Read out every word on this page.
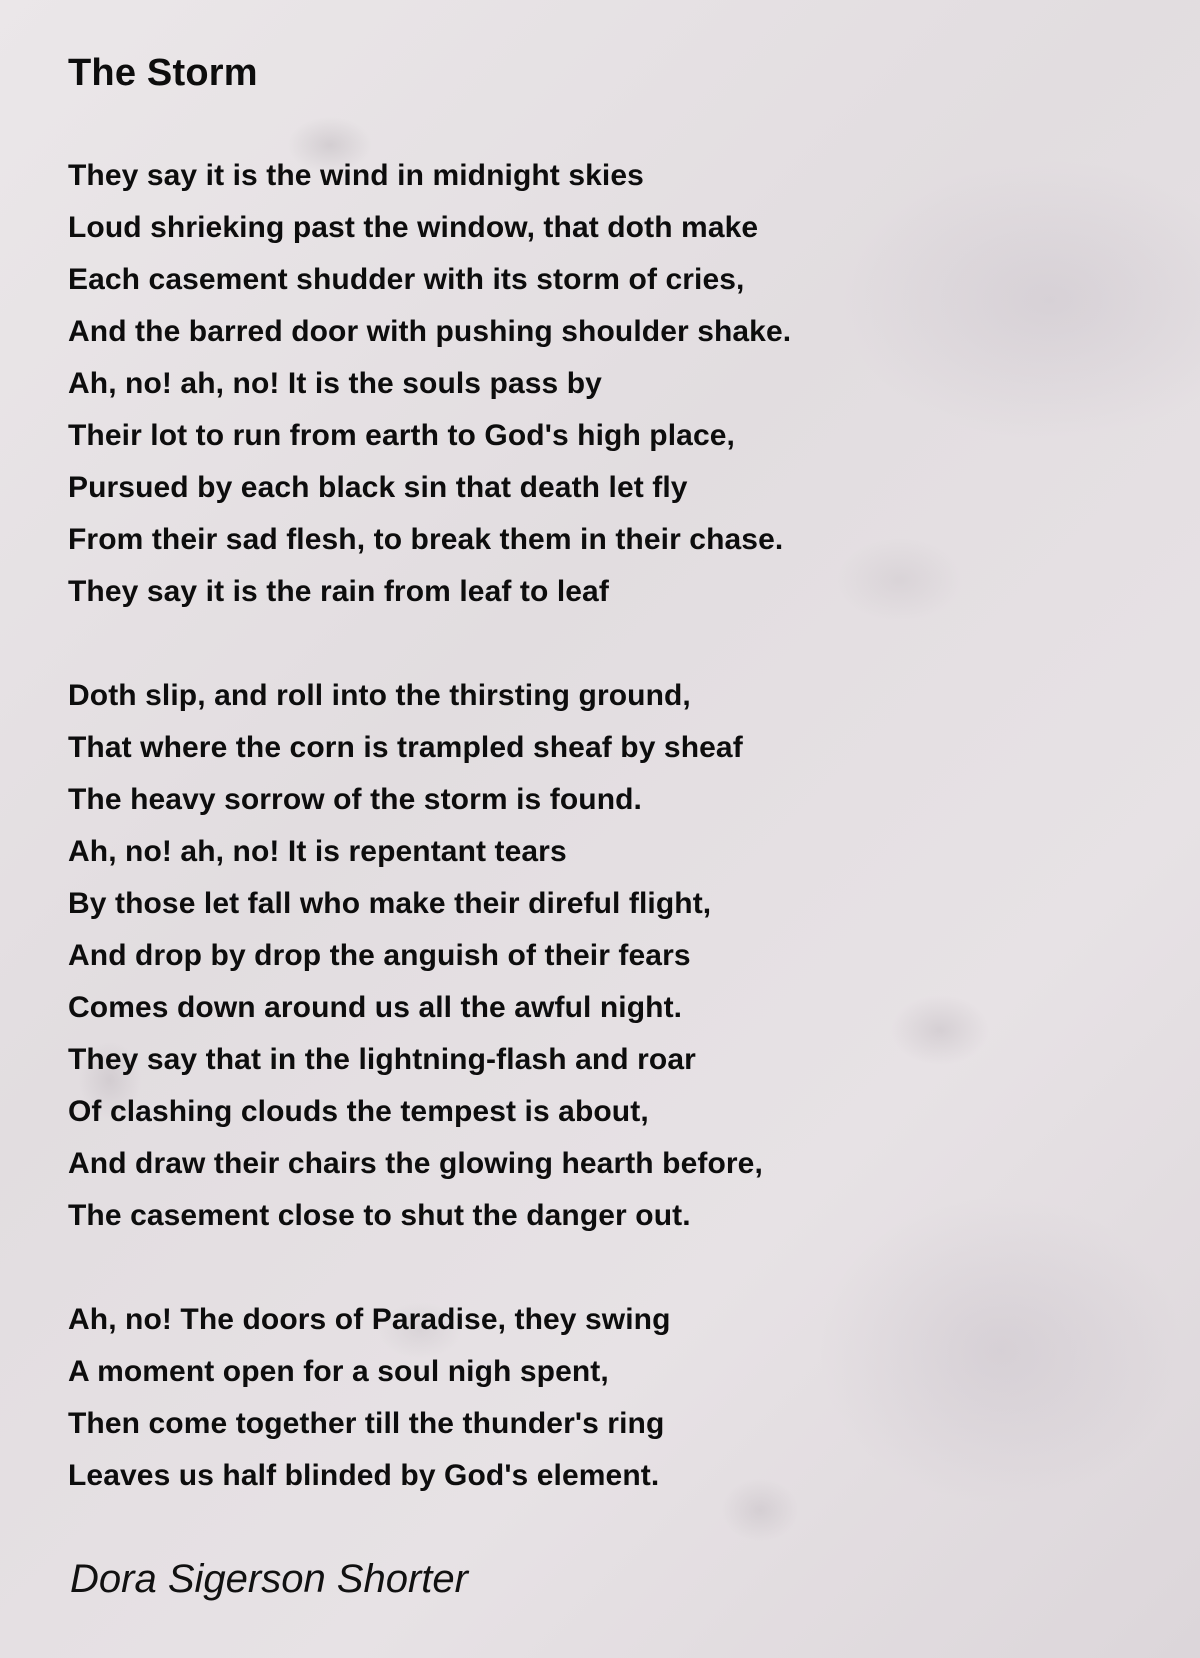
The Storm
They say it is the wind in midnight skies
Loud shrieking past the window, that doth make
Each casement shudder with its storm of cries,
And the barred door with pushing shoulder shake.
Ah, no! ah, no! It is the souls pass by
Their lot to run from earth to God's high place,
Pursued by each black sin that death let fly
From their sad flesh, to break them in their chase.
They say it is the rain from leaf to leaf
Doth slip, and roll into the thirsting ground,
That where the corn is trampled sheaf by sheaf
The heavy sorrow of the storm is found.
Ah, no! ah, no! It is repentant tears
By those let fall who make their direful flight,
And drop by drop the anguish of their fears
Comes down around us all the awful night.
They say that in the lightning-flash and roar
Of clashing clouds the tempest is about,
And draw their chairs the glowing hearth before,
The casement close to shut the danger out.
Ah, no! The doors of Paradise, they swing
A moment open for a soul nigh spent,
Then come together till the thunder's ring
Leaves us half blinded by God's element.

Dora Sigerson Shorter
